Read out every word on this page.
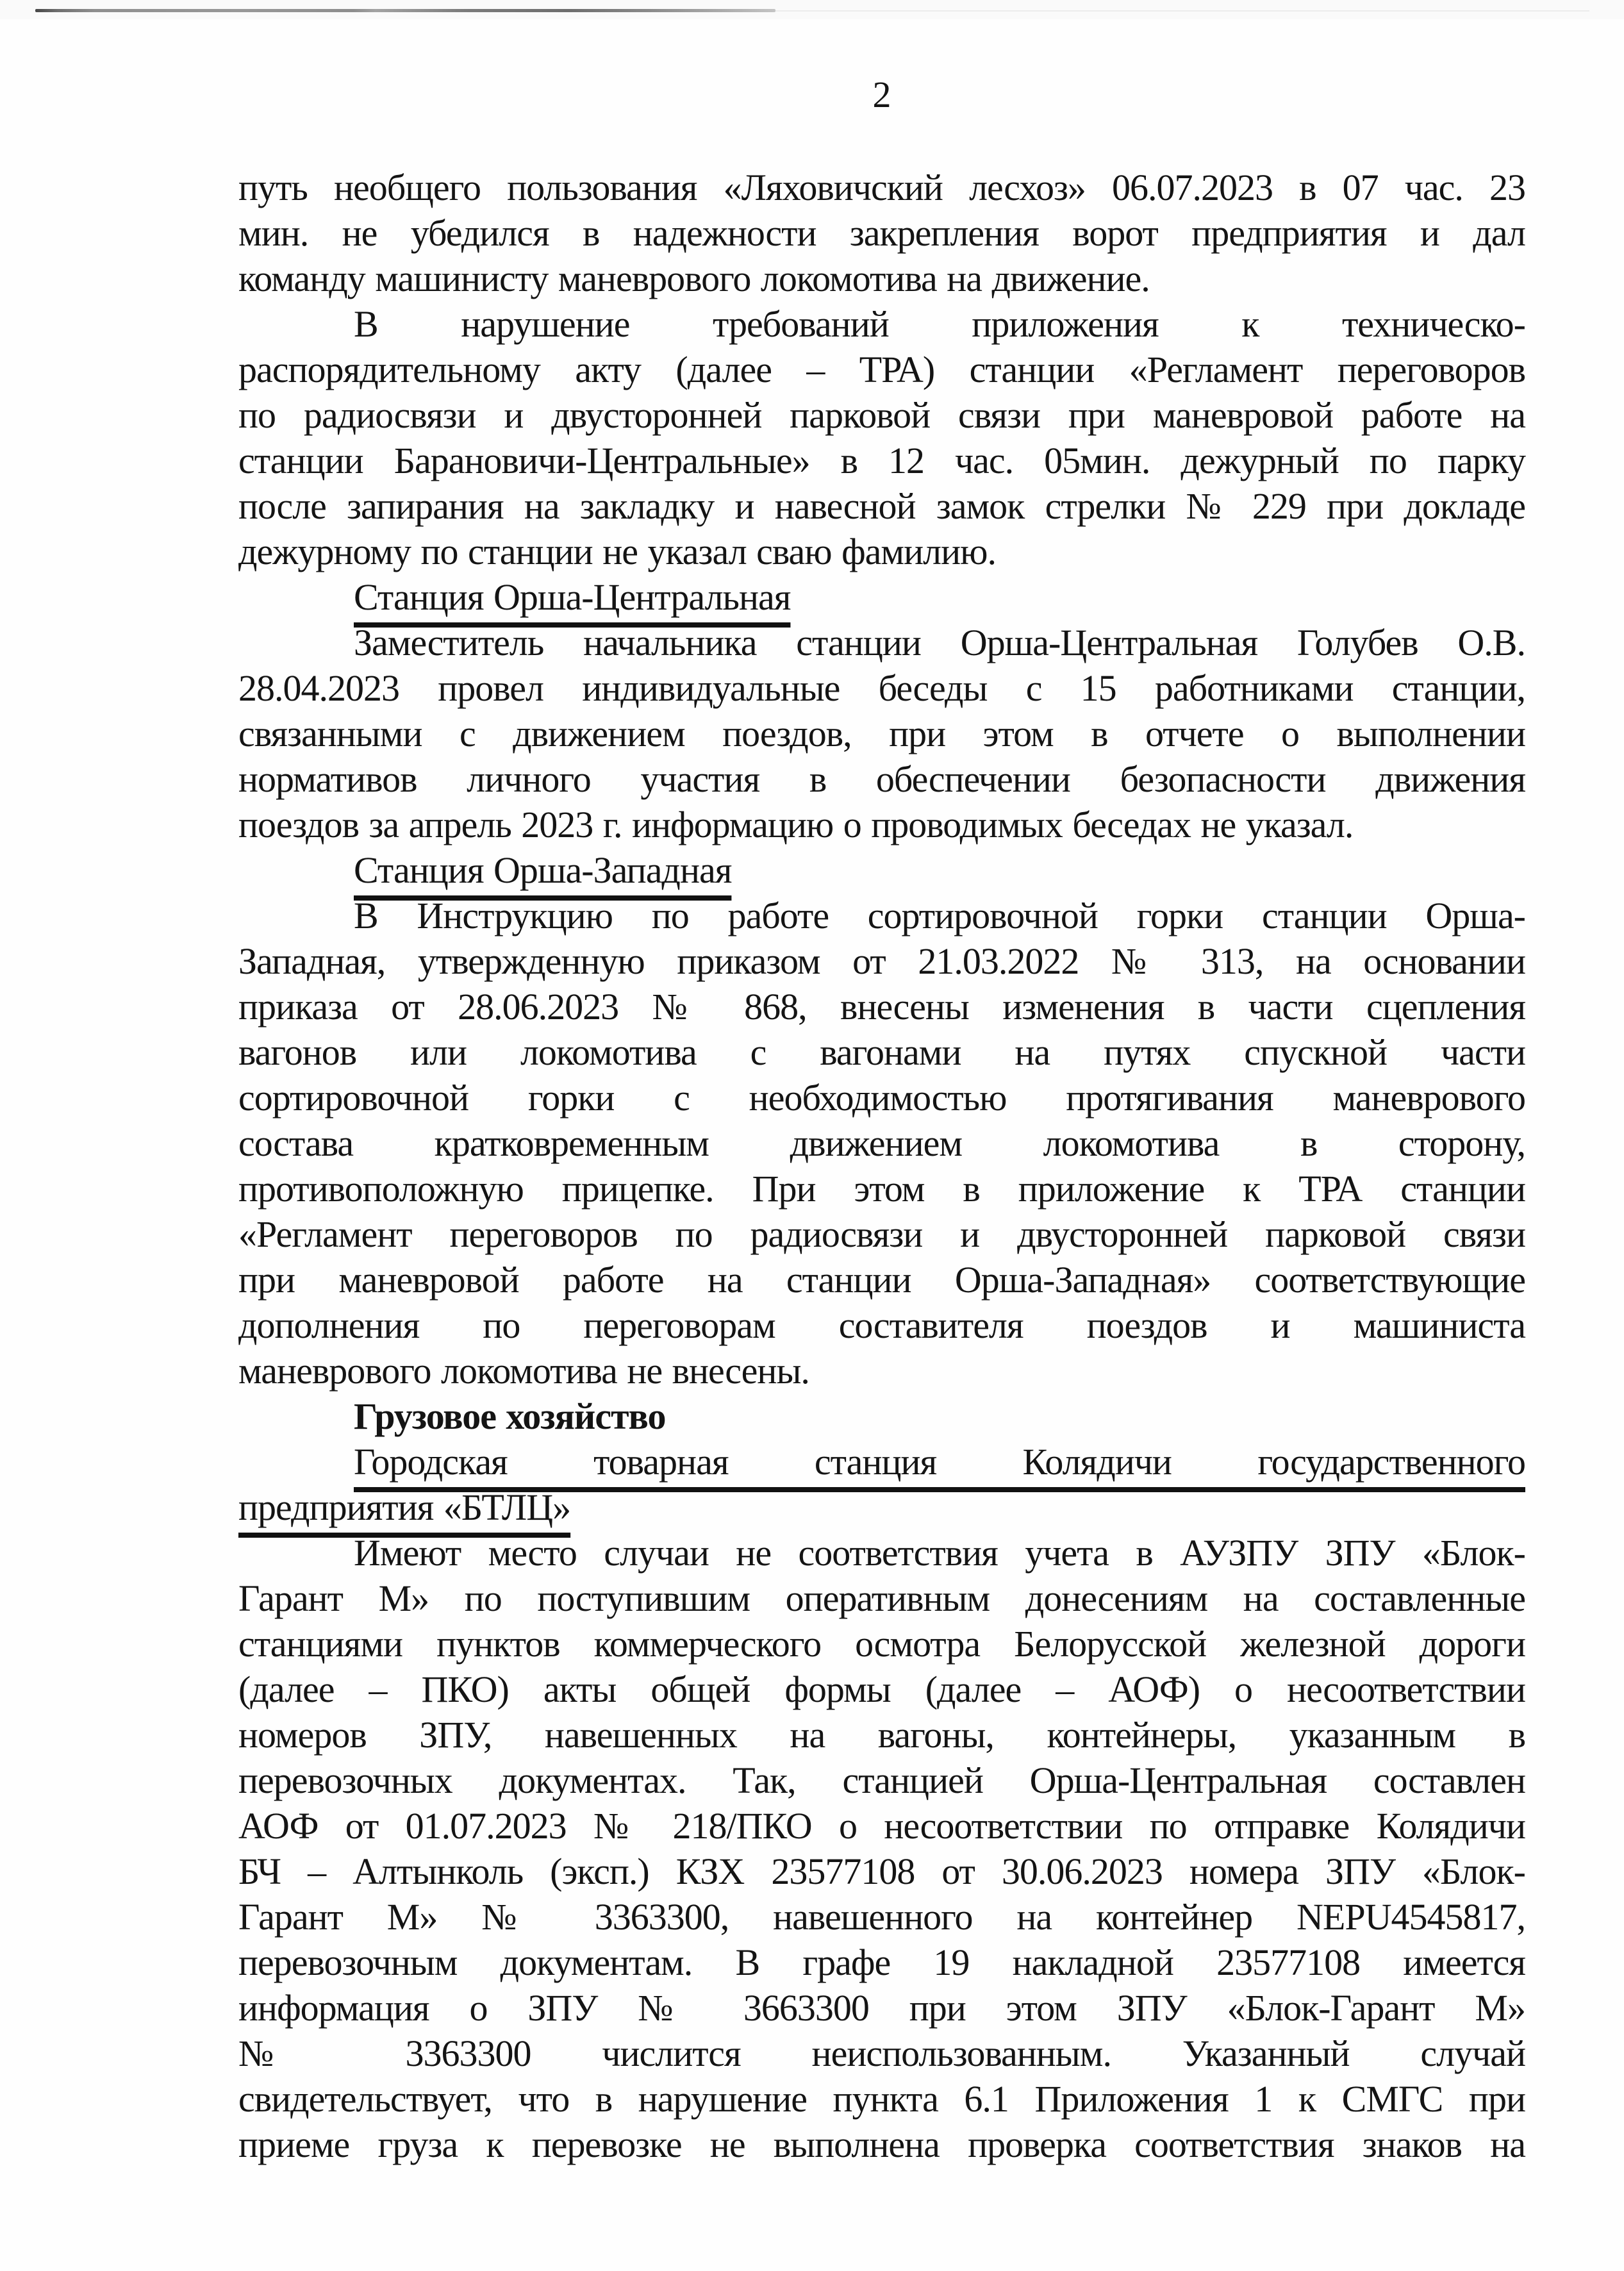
2
путь необщего пользования «Ляховичский лесхоз» 06.07.2023 в 07 час. 23
мин. не убедился в надежности закрепления ворот предприятия и дал
команду машинисту маневрового локомотива на движение.
В нарушение требований приложения к техническо-
распорядительному акту (далее – ТРА) станции «Регламент переговоров
по радиосвязи и двусторонней парковой связи при маневровой работе на
станции Барановичи-Центральные» в 12 час. 05мин. дежурный по парку
после запирания на закладку и навесной замок стрелки № 229 при докладе
дежурному по станции не указал сваю фамилию.
Станция Орша-Центральная
Заместитель начальника станции Орша-Центральная Голубев О.В.
28.04.2023 провел индивидуальные беседы с 15 работниками станции,
связанными с движением поездов, при этом в отчете о выполнении
нормативов личного участия в обеспечении безопасности движения
поездов за апрель 2023 г. информацию о проводимых беседах не указал.
Станция Орша-Западная
В Инструкцию по работе сортировочной горки станции Орша-
Западная, утвержденную приказом от 21.03.2022 № 313, на основании
приказа от 28.06.2023 № 868, внесены изменения в части сцепления
вагонов или локомотива с вагонами на путях спускной части
сортировочной горки с необходимостью протягивания маневрового
состава кратковременным движением локомотива в сторону,
противоположную прицепке. При этом в приложение к ТРА станции
«Регламент переговоров по радиосвязи и двусторонней парковой связи
при маневровой работе на станции Орша-Западная» соответствующие
дополнения по переговорам составителя поездов и машиниста
маневрового локомотива не внесены.
Грузовое хозяйство
Городская товарная станция Колядичи государственного
предприятия «БТЛЦ»
Имеют место случаи не соответствия учета в АУЗПУ ЗПУ «Блок-
Гарант М» по поступившим оперативным донесениям на составленные
станциями пунктов коммерческого осмотра Белорусской железной дороги
(далее – ПКО) акты общей формы (далее – АОФ) о несоответствии
номеров ЗПУ, навешенных на вагоны, контейнеры, указанным в
перевозочных документах. Так, станцией Орша-Центральная составлен
АОФ от 01.07.2023 № 218/ПКО о несоответствии по отправке Колядичи
БЧ – Алтынколь (эксп.) КЗХ 23577108 от 30.06.2023 номера ЗПУ «Блок-
Гарант М» № 3363300, навешенного на контейнер NEPU4545817,
перевозочным документам. В графе 19 накладной 23577108 имеется
информация о ЗПУ № 3663300 при этом ЗПУ «Блок-Гарант М»
№ 3363300 числится неиспользованным. Указанный случай
свидетельствует, что в нарушение пункта 6.1 Приложения 1 к СМГС при
приеме груза к перевозке не выполнена проверка соответствия знаков на
